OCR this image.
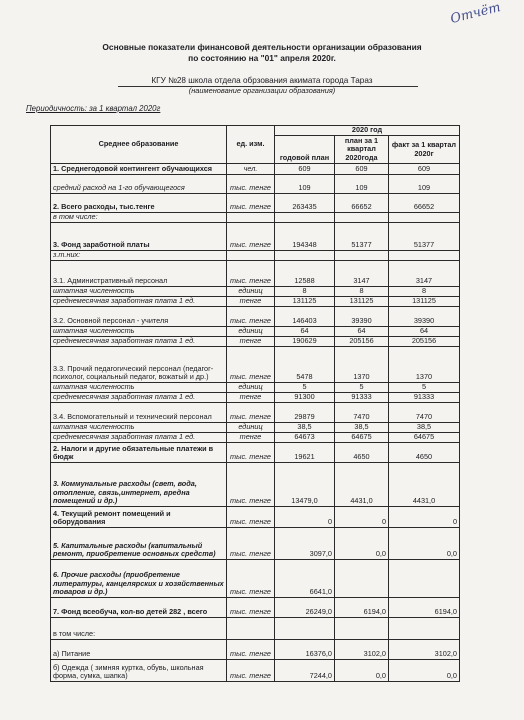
Отчёт
Основные показатели финансовой деятельности организации образования
по состоянию на "01" апреля 2020г.
КГУ №28 школа отдела обрзования акимата города Тараз
(наименование организации образования)
Периодичность: за 1 квартал 2020г
Среднее образование	ед. изм.	2020 год		
		годовой план	план за 1 квартал 2020года	факт за 1 квартал 2020г
1. Среднегодовой контингент обучающихся	чел.	609	609	609
средний расход на 1-го обучающегося	тыс. тенге	109	109	109
2. Всего расходы, тыс.тенге	тыс. тенге	263435	66652	66652
в том числе:				
3. Фонд заработной платы	тыс. тенге	194348	51377	51377
з.т.них:				
3.1. Административный персонал	тыс. тенге	12588	3147	3147
штатная численность	единиц	8	8	8
среднемесячная заработная плата 1 ед.	тенге	131125	131125	131125
3.2. Основной персонал - учителя	тыс. тенге	146403	39390	39390
штатная численность	единиц	64	64	64
среднемесячная заработная плата 1 ед.	тенге	190629	205156	205156
3.3. Прочий педагогический персонал (педагог-психолог, социальный педагог, вожатый и др.)	тыс. тенге	5478	1370	1370
штатная численность	единиц	5	5	5
среднемесячная заработная плата 1 ед.	тенге	91300	91333	91333
3.4. Вспомогательный и технический персонал	тыс. тенге	29879	7470	7470
штатная численность	единиц	38,5	38,5	38,5
среднемесячная заработная плата 1 ед.	тенге	64673	64675	64675
2. Налоги и другие обязательные платежи в бюдж	тыс. тенге	19621	4650	4650
3. Коммунальные расходы (свет, вода, отопление, связь,интернет, вредна помещений и др.)	тыс. тенге	13479,0	4431,0	4431,0
4. Текущий ремонт помещений и оборудования	тыс. тенге	0	0	0
5. Капитальные расходы (капитальный ремонт, приобретение основных средств)	тыс. тенге	3097,0	0,0	0,0
6. Прочие расходы (приобретение литературы, канцелярских и хозяйственных товаров и др.)	тыс. тенге	6641,0		
7. Фонд всеобуча, кол-во детей 282 , всего	тыс. тенге	26249,0	6194,0	6194,0
в том числе:				
а) Питание	тыс. тенге	16376,0	3102,0	3102,0
б) Одежда ( зимняя куртка, обувь, школьная форма, сумка, шапка)	тыс. тенге	7244,0	0,0	0,0
